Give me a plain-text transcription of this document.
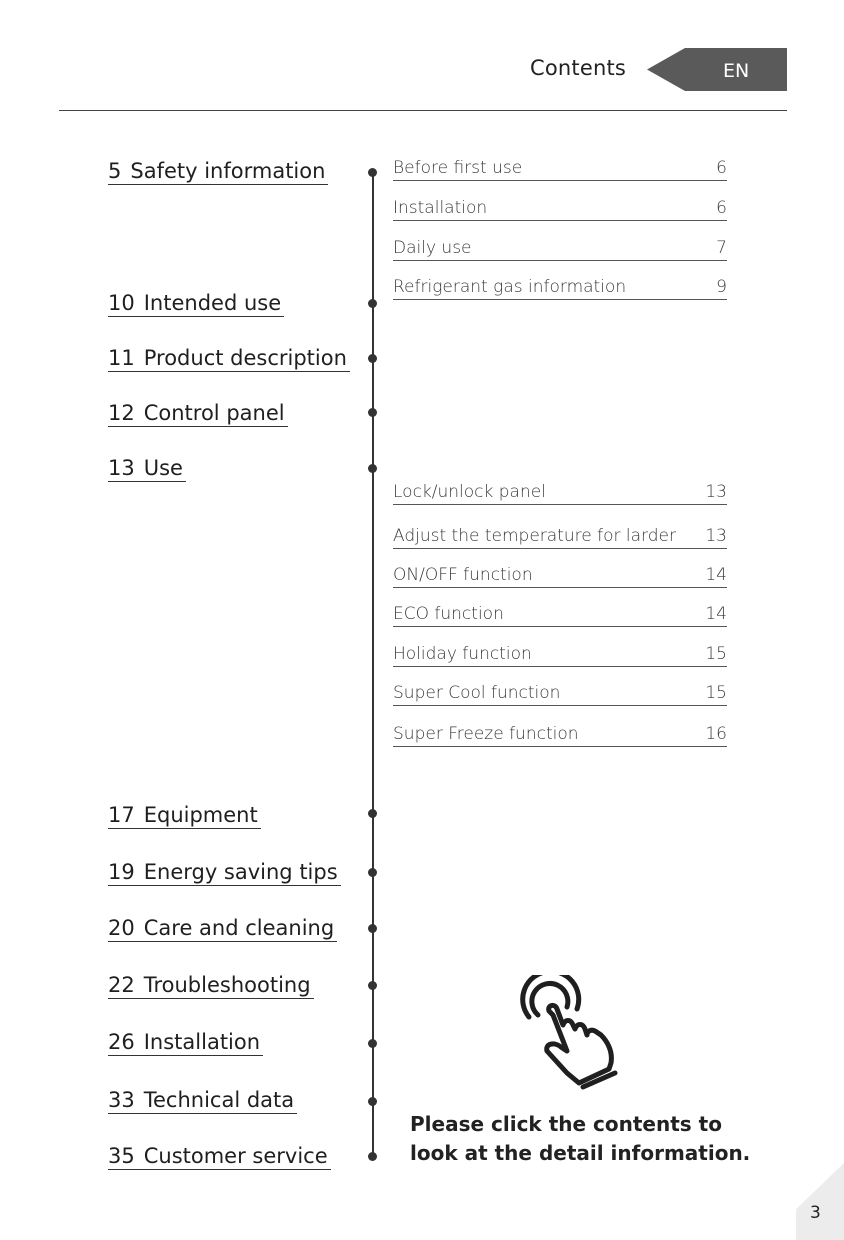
Contents	EN
5 Safety information
10 Intended use
11 Product description
12 Control panel
13 Use
17 Equipment
19 Energy saving tips
20 Care and cleaning
22 Troubleshooting
26 Installation
33 Technical data
35 Customer service
Before first use	6
Installation	6
Daily use	7
Refrigerant gas information	9
Lock/unlock panel	13
Adjust the temperature for larder 13
ON/OFF function	14
ECO function	14
Holiday function	15
Super Cool function	15
Super Freeze function	16
Please click the contents to
look at the detail information.
3
